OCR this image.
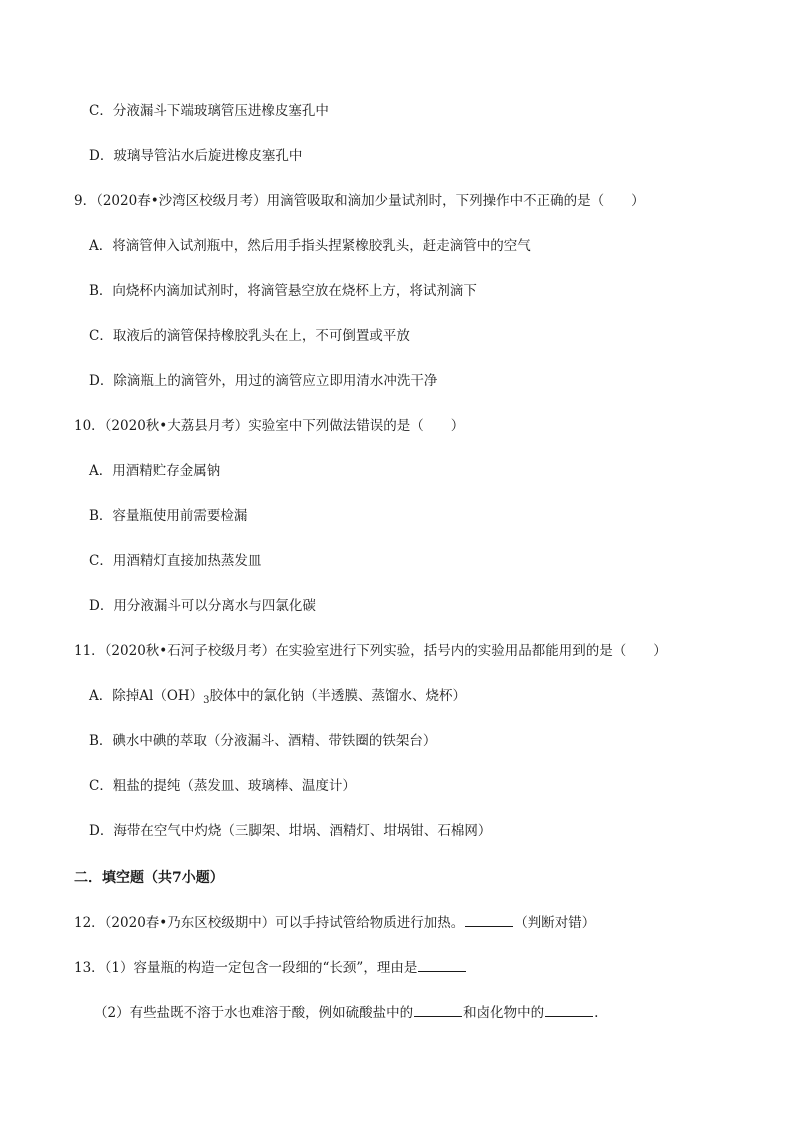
C．分液漏斗下端玻璃管压进橡皮塞孔中
D．玻璃导管沾水后旋进橡皮塞孔中
9．（2020春•沙湾区校级月考）用滴管吸取和滴加少量试剂时，下列操作中不正确的是（　　）
A．将滴管伸入试剂瓶中，然后用手指头捏紧橡胶乳头，赶走滴管中的空气
B．向烧杯内滴加试剂时，将滴管悬空放在烧杯上方，将试剂滴下
C．取液后的滴管保持橡胶乳头在上，不可倒置或平放
D．除滴瓶上的滴管外，用过的滴管应立即用清水冲洗干净
10．（2020秋•大荔县月考）实验室中下列做法错误的是（　　）
A．用酒精贮存金属钠
B．容量瓶使用前需要检漏
C．用酒精灯直接加热蒸发皿
D．用分液漏斗可以分离水与四氯化碳
11．（2020秋•石河子校级月考）在实验室进行下列实验，括号内的实验用品都能用到的是（　　）
A．除掉$Al(OH)_3$胶体中的氯化钠（半透膜、蒸馏水、烧杯）
B．碘水中碘的萃取（分液漏斗、酒精、带铁圈的铁架台）
C．粗盐的提纯（蒸发皿、玻璃棒、温度计）
D．海带在空气中灼烧（三脚架、坩埚、酒精灯、坩埚钳、石棉网）
二．填空题（共7小题）
12．（2020春•乃东区校级期中）可以手持试管给物质进行加热。	（判断对错）
13．（1）容量瓶的构造一定包含一段细的“长颈”，理由是
（2）有些盐既不溶于水也难溶于酸，例如硫酸盐中的	和卤化物中的	.
